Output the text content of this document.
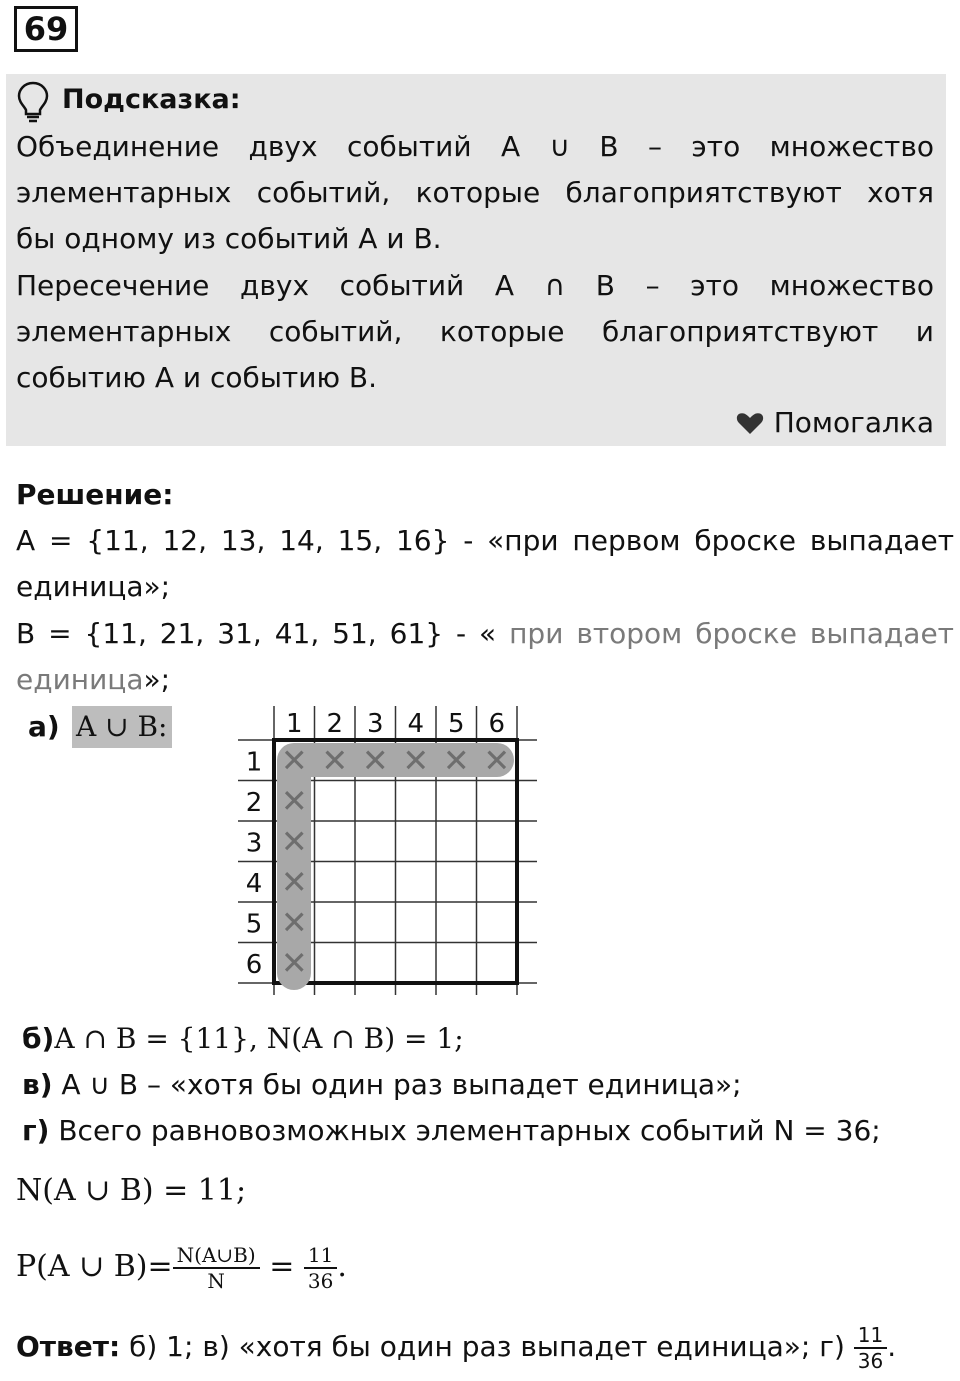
69
Подсказка:
Объединение двух событий A ∪ B – это множество
элементарных событий, которые благоприятствуют хотя
бы одному из событий A и B.
Пересечение двух событий A ∩ B – это множество
элементарных событий, которые благоприятствуют и
событию A и событию B.
Помогалка
Решение:
A = {11, 12, 13, 14, 15, 16} - «при первом броске выпадает
единица»;
B = {11, 21, 31, 41, 51, 61} - « при втором броске выпадает
единица»;
а) A ∪ B:
✕ ✕ ✕ ✕ ✕ ✕
✕
✕
✕
✕
✕
1 2 3 4 5 6
1
2
3
4
5
6
б)A ∩ B = {11}, N(A ∩ B) = 1;
в) A ∪ B – «хотя бы один раз выпадет единица»;
г) Всего равновозможных элементарных событий N = 36;
N(A ∪ B) = 11;
P(A ∪ $B)= \frac{N(A\cup B)}{N} = \frac{11}{36}$ .
Ответ: б) 1; в) «хотя бы один раз выпадет единица»; $г) \frac{11}{36}$ .
